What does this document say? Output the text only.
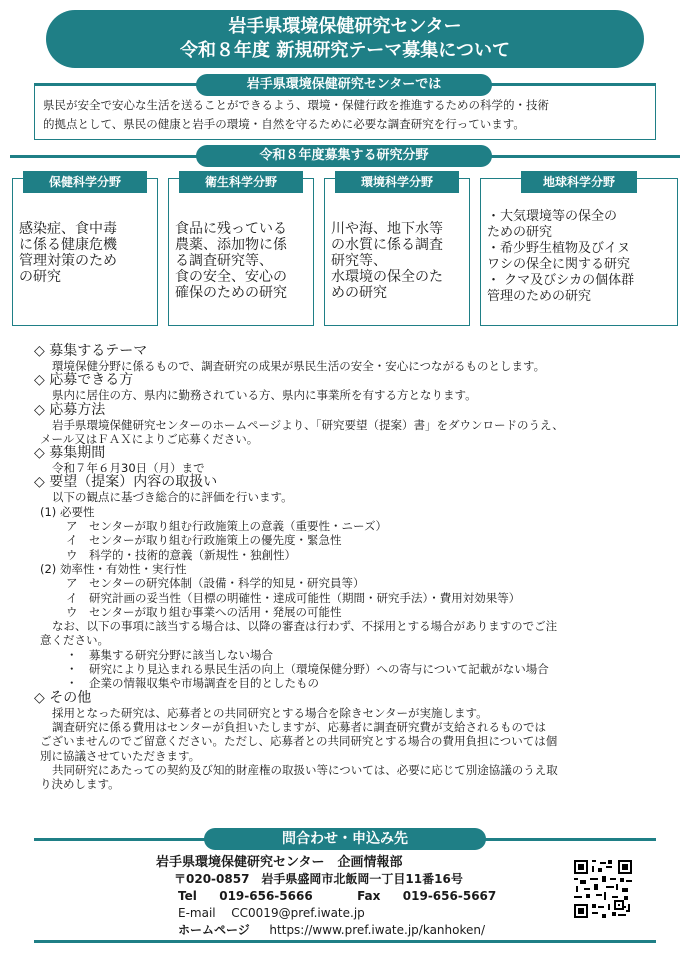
岩手県環境保健研究センター
令和８年度 新規研究テーマ募集について
県民が安全で安心な生活を送ることができるよう、環境・保健行政を推進するための科学的・技術
的拠点として、県民の健康と岩手の環境・自然を守るために必要な調査研究を行っています。
岩手県環境保健研究センターでは
令和８年度募集する研究分野
保健科学分野
感染症、食中毒
に係る健康危機
管理対策のため
の研究
衛生科学分野
食品に残っている
農薬、添加物に係
る調査研究等、
食の安全、安心の
確保のための研究
環境科学分野
川や海、地下水等
の水質に係る調査
研究等、
水環境の保全のた
めの研究
地球科学分野
・大気環境等の保全の
ための研究
・希少野生植物及びイヌ
ワシの保全に関する研究
・ クマ及びシカの個体群
管理のための研究
◇ 募集するテーマ
環境保健分野に係るもので、調査研究の成果が県民生活の安全・安心につながるものとします。
◇ 応募できる方
県内に居住の方、県内に勤務されている方、県内に事業所を有する方となります。
◇ 応募方法
岩手県環境保健研究センターのホームページより、「研究要望（提案）書」をダウンロードのうえ、
メール又はＦＡＸによりご応募ください。
◇ 募集期間
令和７年６月30日（月）まで
◇ 要望（提案）内容の取扱い
以下の観点に基づき総合的に評価を行います。
(1) 必要性
ア　センターが取り組む行政施策上の意義（重要性・ニーズ）
イ　センターが取り組む行政施策上の優先度・緊急性
ウ　科学的・技術的意義（新規性・独創性）
(2) 効率性・有効性・実行性
ア　センターの研究体制（設備・科学的知見・研究員等）
イ　研究計画の妥当性（目標の明確性・達成可能性（期間・研究手法）・費用対効果等）
ウ　センターが取り組む事業への活用・発展の可能性
なお、以下の事項に該当する場合は、以降の審査は行わず、不採用とする場合がありますのでご注
意ください。
・　募集する研究分野に該当しない場合
・　研究により見込まれる県民生活の向上（環境保健分野）への寄与について記載がない場合
・　企業の情報収集や市場調査を目的としたもの
◇ その他
採用となった研究は、応募者との共同研究とする場合を除きセンターが実施します。
調査研究に係る費用はセンターが負担いたしますが、応募者に調査研究費が支給されるものでは
ございませんのでご留意ください。ただし、応募者との共同研究とする場合の費用負担については個
別に協議させていただきます。
共同研究にあたっての契約及び知的財産権の取扱い等については、必要に応じて別途協議のうえ取
り決めします。
問合わせ・申込み先
岩手県環境保健研究センター　企画情報部
〒020-0857　岩手県盛岡市北飯岡一丁目11番16号
Tel 019-656-5666	Fax 019-656-5667
E-mail CC0019@pref.iwate.jp
ホームページ https://www.pref.iwate.jp/kanhoken/
